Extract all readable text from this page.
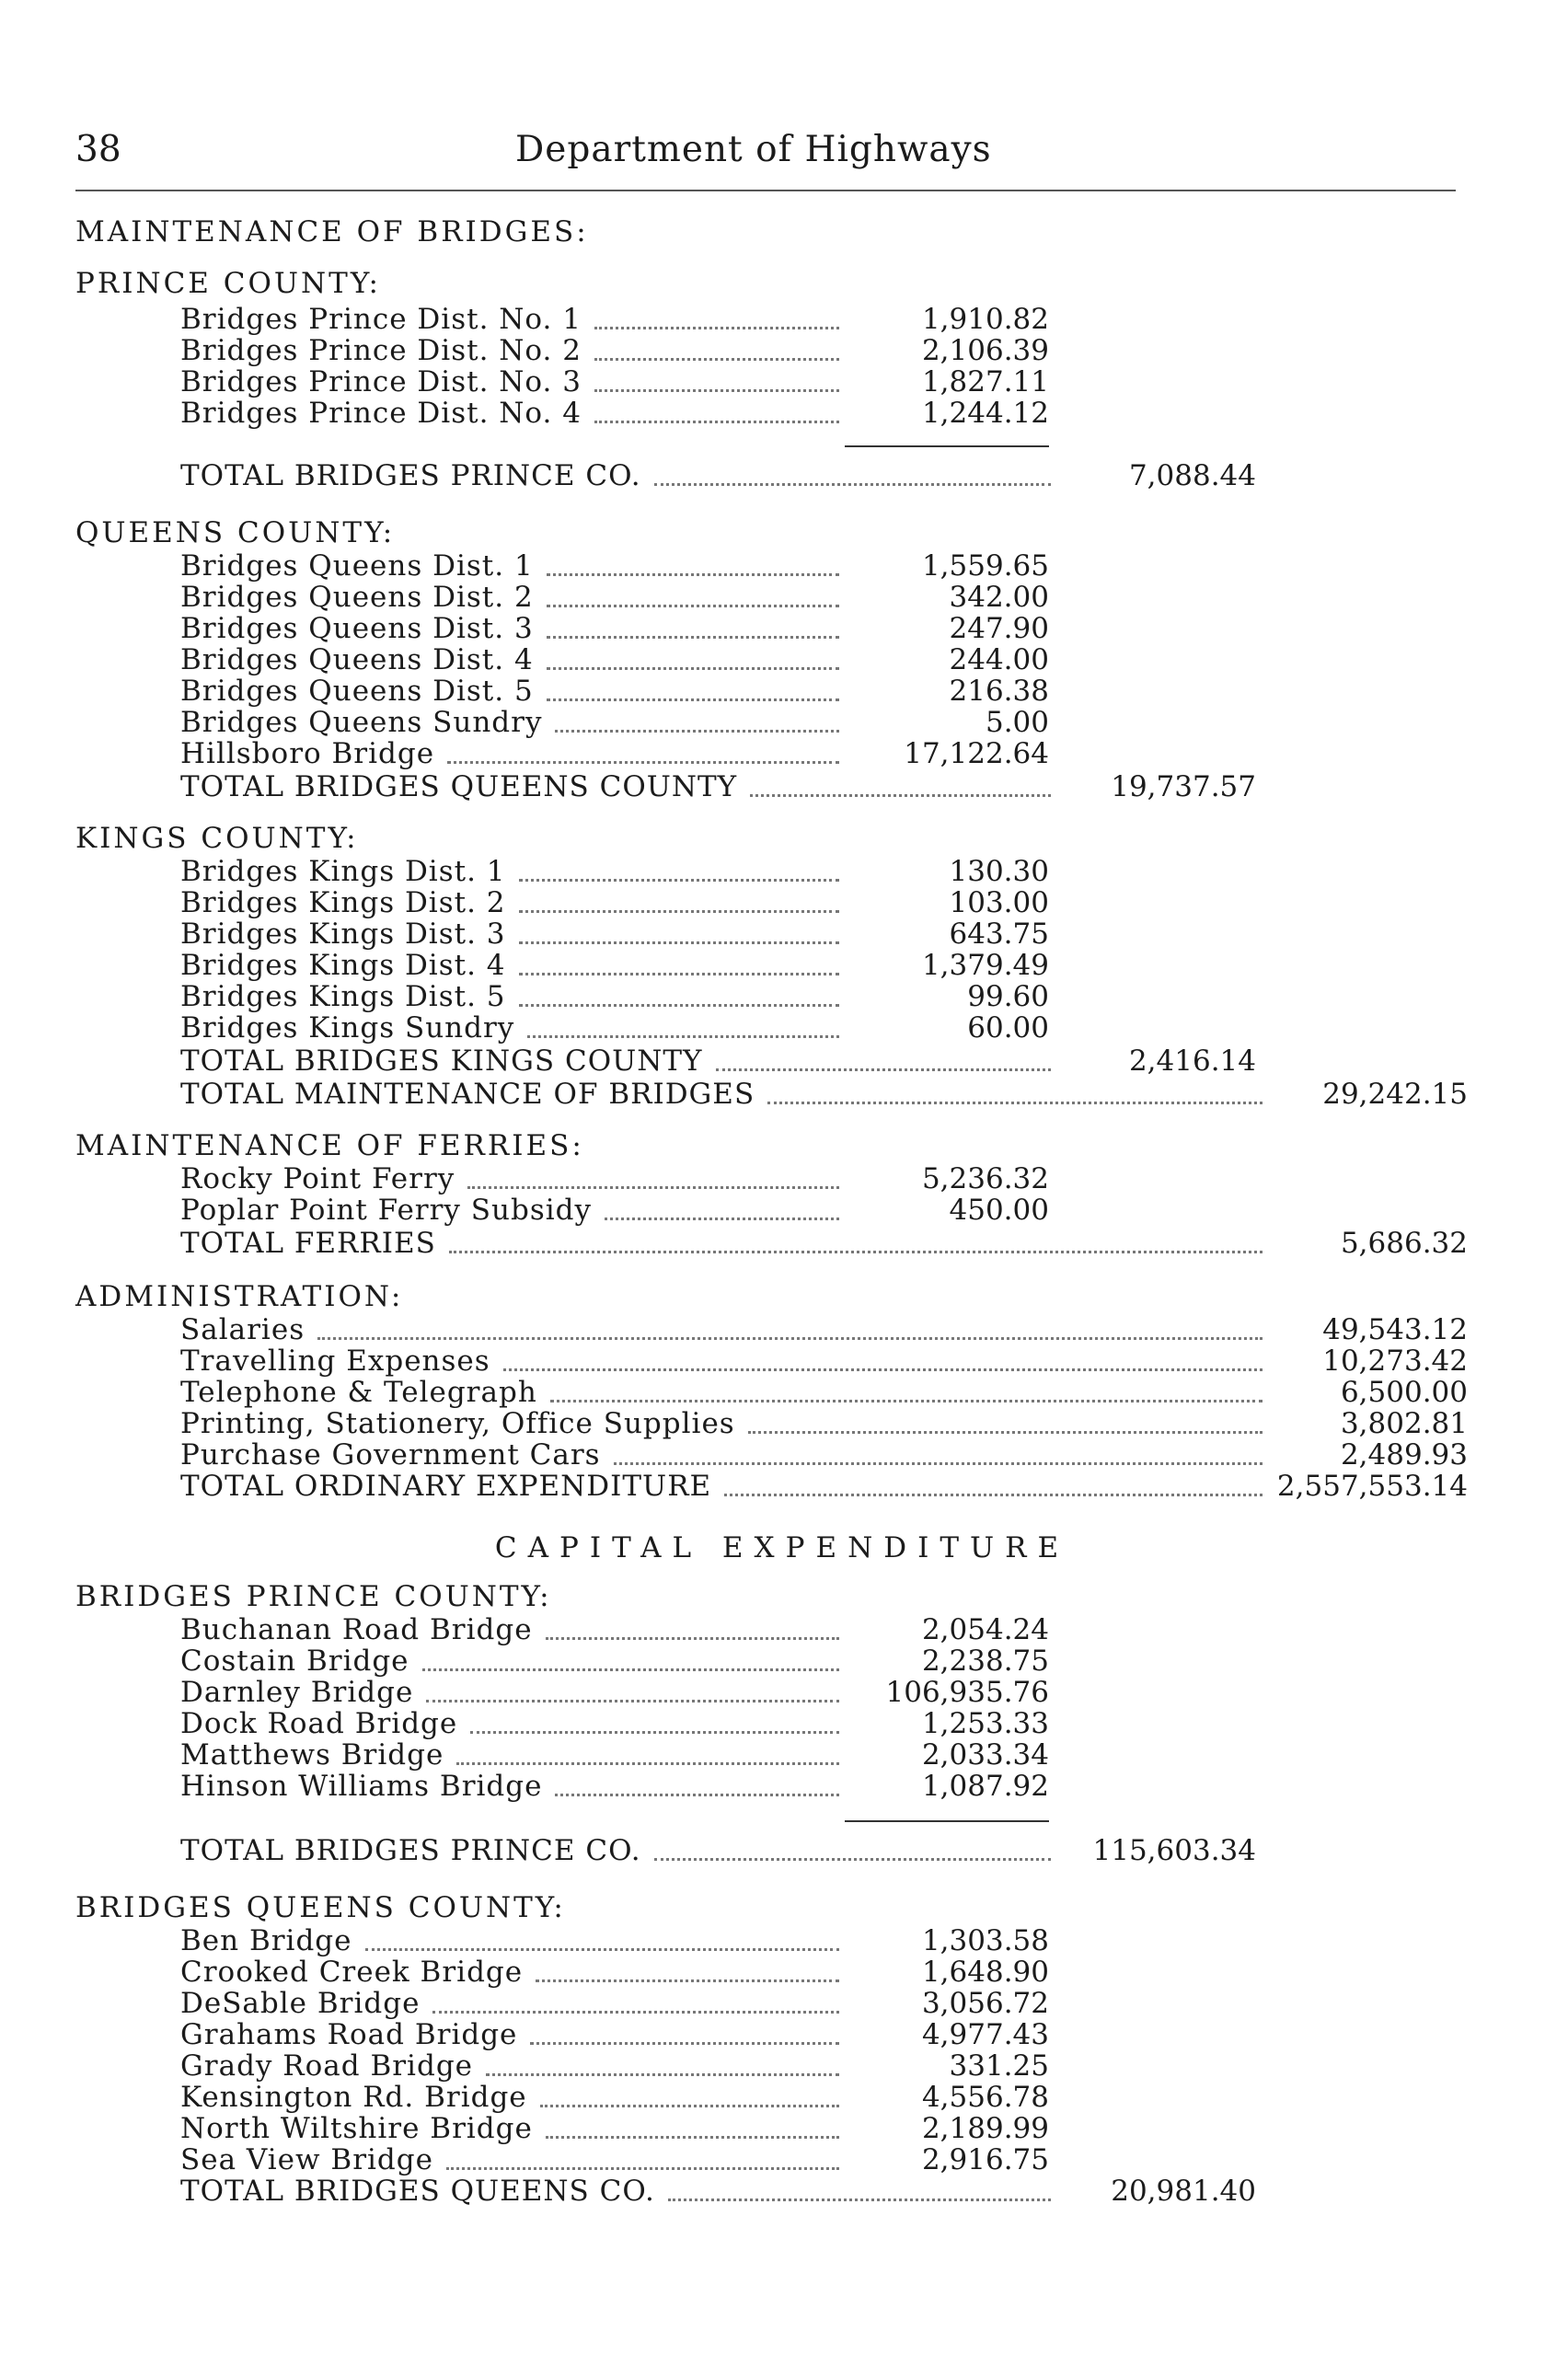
38	Department of Highways
CAPITAL EXPENDITURE
MAINTENANCE OF BRIDGES:
PRINCE COUNTY:
Bridges Prince Dist. No. 1	1,910.82
Bridges Prince Dist. No. 2	2,106.39
Bridges Prince Dist. No. 3	1,827.11
Bridges Prince Dist. No. 4	1,244.12
TOTAL BRIDGES PRINCE CO.	7,088.44
QUEENS COUNTY:
Bridges Queens Dist. 1	1,559.65
Bridges Queens Dist. 2	342.00
Bridges Queens Dist. 3	247.90
Bridges Queens Dist. 4	244.00
Bridges Queens Dist. 5	216.38
Bridges Queens Sundry	5.00
Hillsboro Bridge	17,122.64
TOTAL BRIDGES QUEENS COUNTY	19,737.57
KINGS COUNTY:
Bridges Kings Dist. 1	130.30
Bridges Kings Dist. 2	103.00
Bridges Kings Dist. 3	643.75
Bridges Kings Dist. 4	1,379.49
Bridges Kings Dist. 5	99.60
Bridges Kings Sundry	60.00
TOTAL BRIDGES KINGS COUNTY	2,416.14
TOTAL MAINTENANCE OF BRIDGES	29,242.15
MAINTENANCE OF FERRIES:
Rocky Point Ferry	5,236.32
Poplar Point Ferry Subsidy	450.00
TOTAL FERRIES	5,686.32
ADMINISTRATION:
Salaries	49,543.12
Travelling Expenses	10,273.42
Telephone & Telegraph	6,500.00
Printing, Stationery, Office Supplies	3,802.81
Purchase Government Cars	2,489.93
TOTAL ORDINARY EXPENDITURE	2,557,553.14
BRIDGES PRINCE COUNTY:
Buchanan Road Bridge	2,054.24
Costain Bridge	2,238.75
Darnley Bridge	106,935.76
Dock Road Bridge	1,253.33
Matthews Bridge	2,033.34
Hinson Williams Bridge	1,087.92
TOTAL BRIDGES PRINCE CO.	115,603.34
BRIDGES QUEENS COUNTY:
Ben Bridge	1,303.58
Crooked Creek Bridge	1,648.90
DeSable Bridge	3,056.72
Grahams Road Bridge	4,977.43
Grady Road Bridge	331.25
Kensington Rd. Bridge	4,556.78
North Wiltshire Bridge	2,189.99
Sea View Bridge	2,916.75
TOTAL BRIDGES QUEENS CO.	20,981.40
